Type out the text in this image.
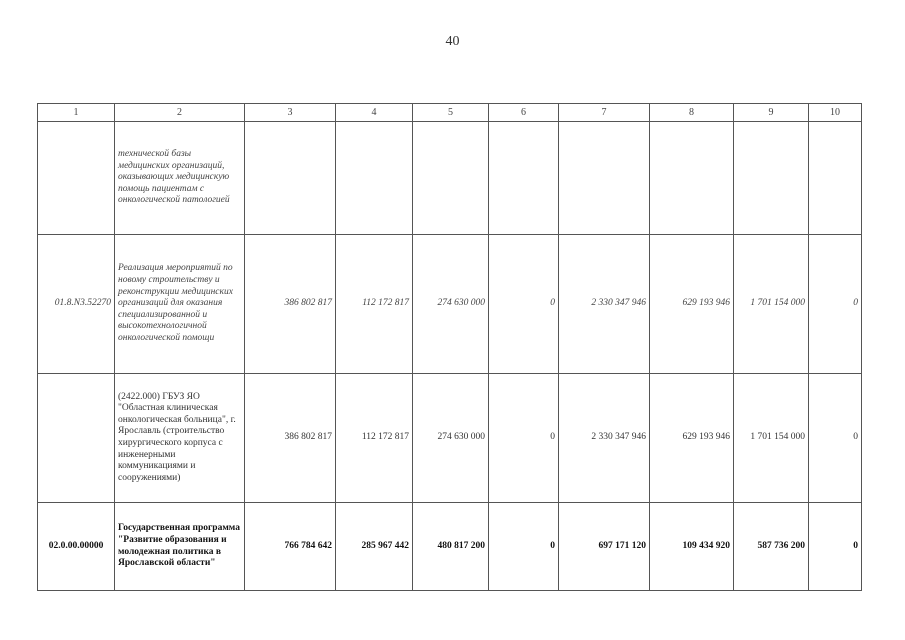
40
1	2	3	4	5	6	7	8	9	10
	технической базы медицинских организаций, оказывающих медицинскую помощь пациентам с онкологической патологией								
01.8.N3.52270	Реализация мероприятий по новому строительству и реконструкции медицинских организаций для оказания специализированной и высокотехнологичной онкологической помощи	386 802 817	112 172 817	274 630 000	0	2 330 347 946	629 193 946	1 701 154 000	0
	(2422.000) ГБУЗ ЯО "Областная клиническая онкологическая больница", г. Ярославль (строительство хирургического корпуса с инженерными коммуникациями и сооружениями)	386 802 817	112 172 817	274 630 000	0	2 330 347 946	629 193 946	1 701 154 000	0
02.0.00.00000	Государственная программа "Развитие образования и молодежная политика в Ярославской области"	766 784 642	285 967 442	480 817 200	0	697 171 120	109 434 920	587 736 200	0
